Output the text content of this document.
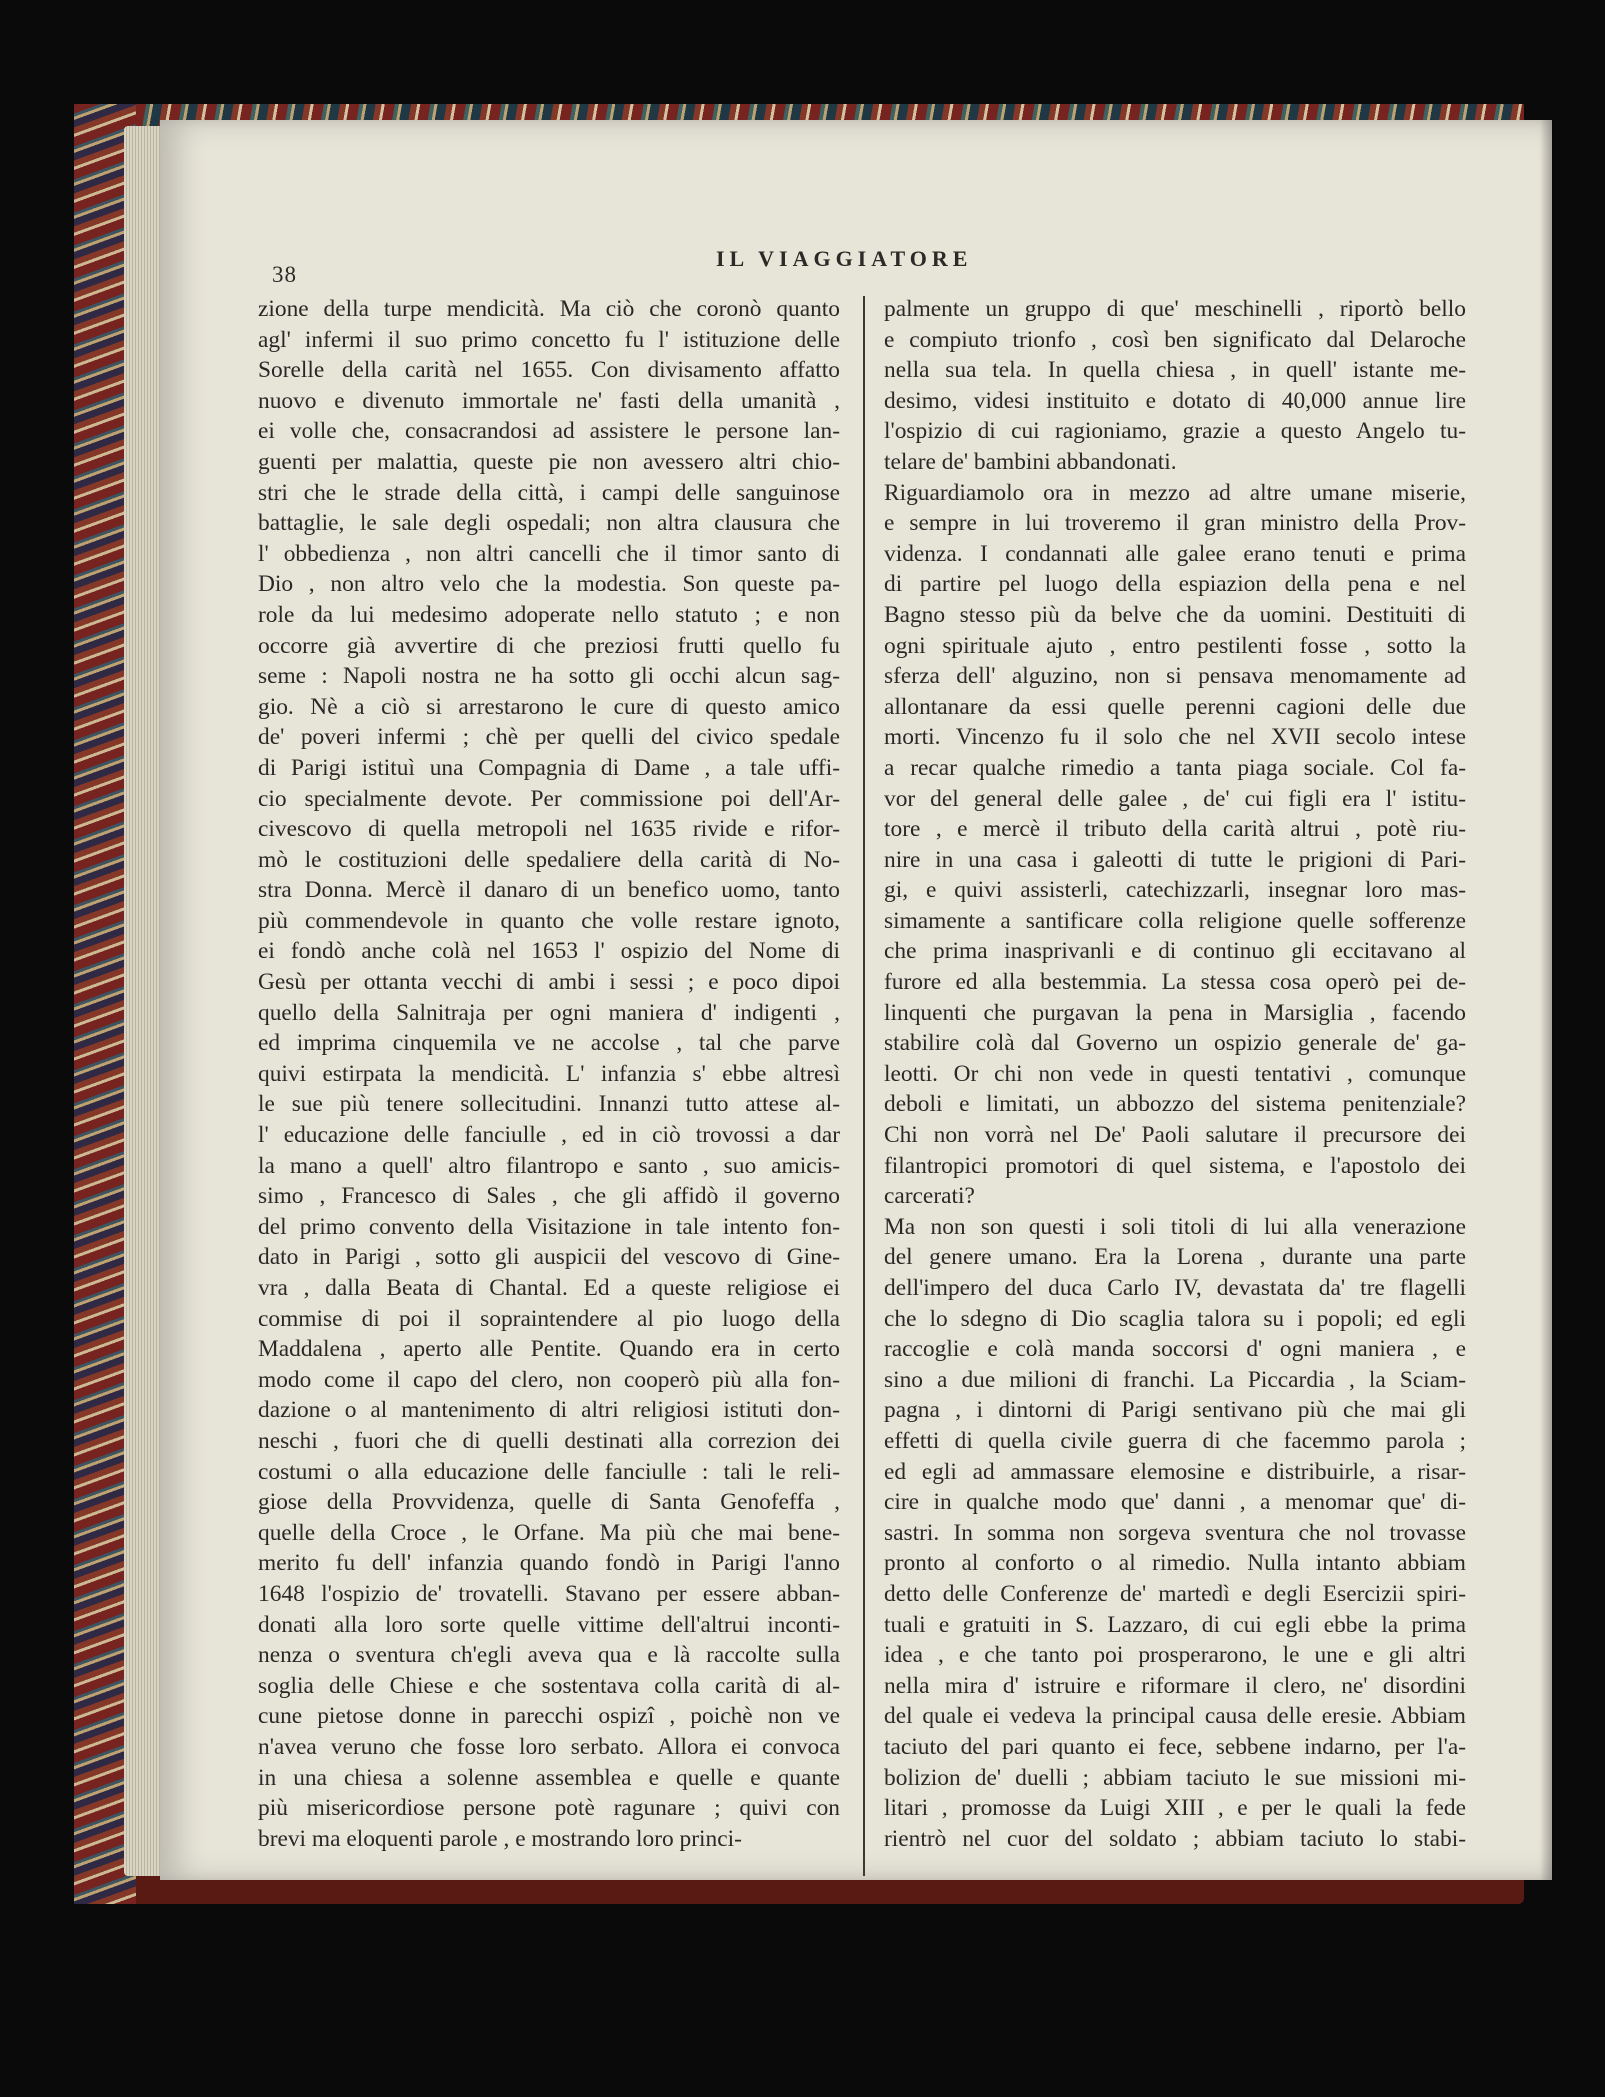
38
IL VIAGGIATORE
zione della turpe mendicità. Ma ciò che coronò quanto
agl' infermi il suo primo concetto fu l' istituzione delle
Sorelle della carità nel 1655. Con divisamento affatto
nuovo e divenuto immortale ne' fasti della umanità ,
ei volle che, consacrandosi ad assistere le persone lan-
guenti per malattia, queste pie non avessero altri chio-
stri che le strade della città, i campi delle sanguinose
battaglie, le sale degli ospedali; non altra clausura che
l' obbedienza , non altri cancelli che il timor santo di
Dio , non altro velo che la modestia. Son queste pa-
role da lui medesimo adoperate nello statuto ; e non
occorre già avvertire di che preziosi frutti quello fu
seme : Napoli nostra ne ha sotto gli occhi alcun sag-
gio. Nè a ciò si arrestarono le cure di questo amico
de' poveri infermi ; chè per quelli del civico spedale
di Parigi istituì una Compagnia di Dame , a tale uffi-
cio specialmente devote. Per commissione poi dell'Ar-
civescovo di quella metropoli nel 1635 rivide e rifor-
mò le costituzioni delle spedaliere della carità di No-
stra Donna. Mercè il danaro di un benefico uomo, tanto
più commendevole in quanto che volle restare ignoto,
ei fondò anche colà nel 1653 l' ospizio del Nome di
Gesù per ottanta vecchi di ambi i sessi ; e poco dipoi
quello della Salnitraja per ogni maniera d' indigenti ,
ed imprima cinquemila ve ne accolse , tal che parve
quivi estirpata la mendicità. L' infanzia s' ebbe altresì
le sue più tenere sollecitudini. Innanzi tutto attese al-
l' educazione delle fanciulle , ed in ciò trovossi a dar
la mano a quell' altro filantropo e santo , suo amicis-
simo , Francesco di Sales , che gli affidò il governo
del primo convento della Visitazione in tale intento fon-
dato in Parigi , sotto gli auspicii del vescovo di Gine-
vra , dalla Beata di Chantal. Ed a queste religiose ei
commise di poi il sopraintendere al pio luogo della
Maddalena , aperto alle Pentite. Quando era in certo
modo come il capo del clero, non cooperò più alla fon-
dazione o al mantenimento di altri religiosi istituti don-
neschi , fuori che di quelli destinati alla correzion dei
costumi o alla educazione delle fanciulle : tali le reli-
giose della Provvidenza, quelle di Santa Genofeffa ,
quelle della Croce , le Orfane. Ma più che mai bene-
merito fu dell' infanzia quando fondò in Parigi l'anno
1648 l'ospizio de' trovatelli. Stavano per essere abban-
donati alla loro sorte quelle vittime dell'altrui inconti-
nenza o sventura ch'egli aveva qua e là raccolte sulla
soglia delle Chiese e che sostentava colla carità di al-
cune pietose donne in parecchi ospizî , poichè non ve
n'avea veruno che fosse loro serbato. Allora ei convoca
in una chiesa a solenne assemblea e quelle e quante
più misericordiose persone potè ragunare ; quivi con
brevi ma eloquenti parole , e mostrando loro princi-
palmente un gruppo di que' meschinelli , riportò bello
e compiuto trionfo , così ben significato dal Delaroche
nella sua tela. In quella chiesa , in quell' istante me-
desimo, videsi instituito e dotato di 40,000 annue lire
l'ospizio di cui ragioniamo, grazie a questo Angelo tu-
telare de' bambini abbandonati.
Riguardiamolo ora in mezzo ad altre umane miserie,
e sempre in lui troveremo il gran ministro della Prov-
videnza. I condannati alle galee erano tenuti e prima
di partire pel luogo della espiazion della pena e nel
Bagno stesso più da belve che da uomini. Destituiti di
ogni spirituale ajuto , entro pestilenti fosse , sotto la
sferza dell' alguzino, non si pensava menomamente ad
allontanare da essi quelle perenni cagioni delle due
morti. Vincenzo fu il solo che nel XVII secolo intese
a recar qualche rimedio a tanta piaga sociale. Col fa-
vor del general delle galee , de' cui figli era l' istitu-
tore , e mercè il tributo della carità altrui , potè riu-
nire in una casa i galeotti di tutte le prigioni di Pari-
gi, e quivi assisterli, catechizzarli, insegnar loro mas-
simamente a santificare colla religione quelle sofferenze
che prima inasprivanli e di continuo gli eccitavano al
furore ed alla bestemmia. La stessa cosa operò pei de-
linquenti che purgavan la pena in Marsiglia , facendo
stabilire colà dal Governo un ospizio generale de' ga-
leotti. Or chi non vede in questi tentativi , comunque
deboli e limitati, un abbozzo del sistema penitenziale?
Chi non vorrà nel De' Paoli salutare il precursore dei
filantropici promotori di quel sistema, e l'apostolo dei
carcerati?
Ma non son questi i soli titoli di lui alla venerazione
del genere umano. Era la Lorena , durante una parte
dell'impero del duca Carlo IV, devastata da' tre flagelli
che lo sdegno di Dio scaglia talora su i popoli; ed egli
raccoglie e colà manda soccorsi d' ogni maniera , e
sino a due milioni di franchi. La Piccardia , la Sciam-
pagna , i dintorni di Parigi sentivano più che mai gli
effetti di quella civile guerra di che facemmo parola ;
ed egli ad ammassare elemosine e distribuirle, a risar-
cire in qualche modo que' danni , a menomar que' di-
sastri. In somma non sorgeva sventura che nol trovasse
pronto al conforto o al rimedio. Nulla intanto abbiam
detto delle Conferenze de' martedì e degli Esercizii spiri-
tuali e gratuiti in S. Lazzaro, di cui egli ebbe la prima
idea , e che tanto poi prosperarono, le une e gli altri
nella mira d' istruire e riformare il clero, ne' disordini
del quale ei vedeva la principal causa delle eresie. Abbiam
taciuto del pari quanto ei fece, sebbene indarno, per l'a-
bolizion de' duelli ; abbiam taciuto le sue missioni mi-
litari , promosse da Luigi XIII , e per le quali la fede
rientrò nel cuor del soldato ; abbiam taciuto lo stabi-
